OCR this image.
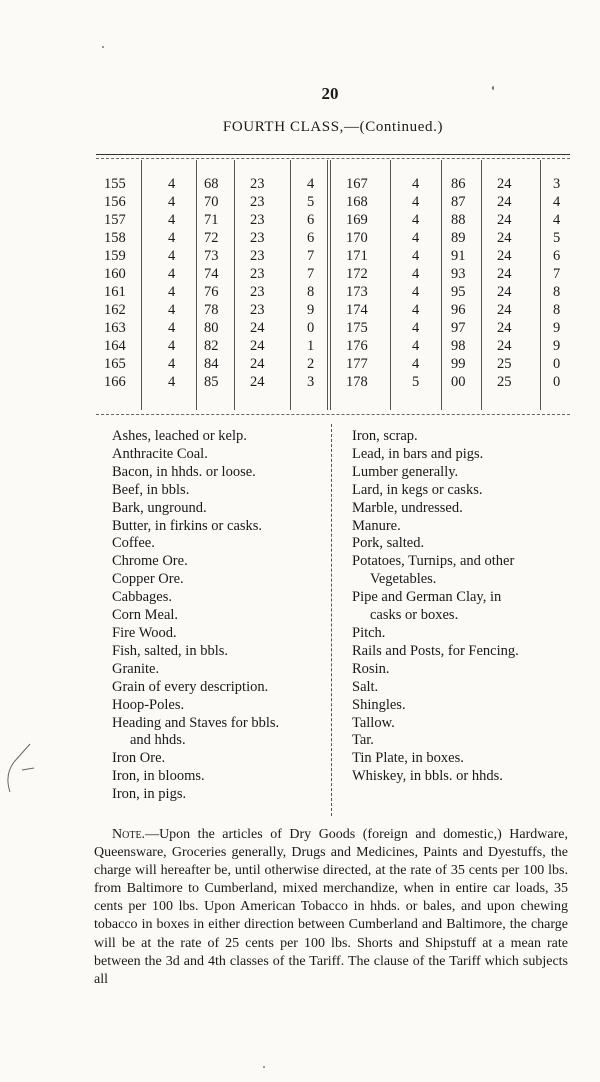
20
FOURTH CLASS,—(Continued.)
155	4 68 23	4 167	4 86 24	3
156	4 70 23	5 168	4 87 24	4
157	4 71 23	6 169	4 88 24	4
158	4 72 23	6 170	4 89 24	5
159	4 73 23	7 171	4 91 24	6
160	4 74 23	7 172	4 93 24	7
161	4 76 23	8 173	4 95 24	8
162	4 78 23	9 174	4 96 24	8
163	4 80 24	0 175	4 97 24	9
164	4 82 24	1 176	4 98 24	9
165	4 84 24	2 177	4 99 25	0
166	4 85 24	3 178	5 00 25	0
Ashes, leached or kelp.
Anthracite Coal.
Bacon, in hhds. or loose.
Beef, in bbls.
Bark, unground.
Butter, in firkins or casks.
Coffee.
Chrome Ore.
Copper Ore.
Cabbages.
Corn Meal.
Fire Wood.
Fish, salted, in bbls.
Granite.
Grain of every description.
Hoop-Poles.
Heading and Staves for bbls.
and hhds.
Iron Ore.
Iron, in blooms.
Iron, in pigs.
Iron, scrap.
Lead, in bars and pigs.
Lumber generally.
Lard, in kegs or casks.
Marble, undressed.
Manure.
Pork, salted.
Potatoes, Turnips, and other
Vegetables.
Pipe and German Clay, in
casks or boxes.
Pitch.
Rails and Posts, for Fencing.
Rosin.
Salt.
Shingles.
Tallow.
Tar.
Tin Plate, in boxes.
Whiskey, in bbls. or hhds.
Note.—Upon the articles of Dry Goods (foreign and domestic,) Hardware, Queensware, Groceries generally, Drugs and Medicines, Paints and Dyestuffs, the charge will hereafter be, until otherwise directed, at the rate of 35 cents per 100 lbs. from Baltimore to Cumberland, mixed merchandize, when in entire car loads, 35 cents per 100 lbs. Upon American Tobacco in hhds. or bales, and upon chewing tobacco in boxes in either direction between Cumberland and Baltimore, the charge will be at the rate of 25 cents per 100 lbs. Shorts and Shipstuff at a mean rate between the 3d and 4th classes of the Tariff. The clause of the Tariff which subjects all
